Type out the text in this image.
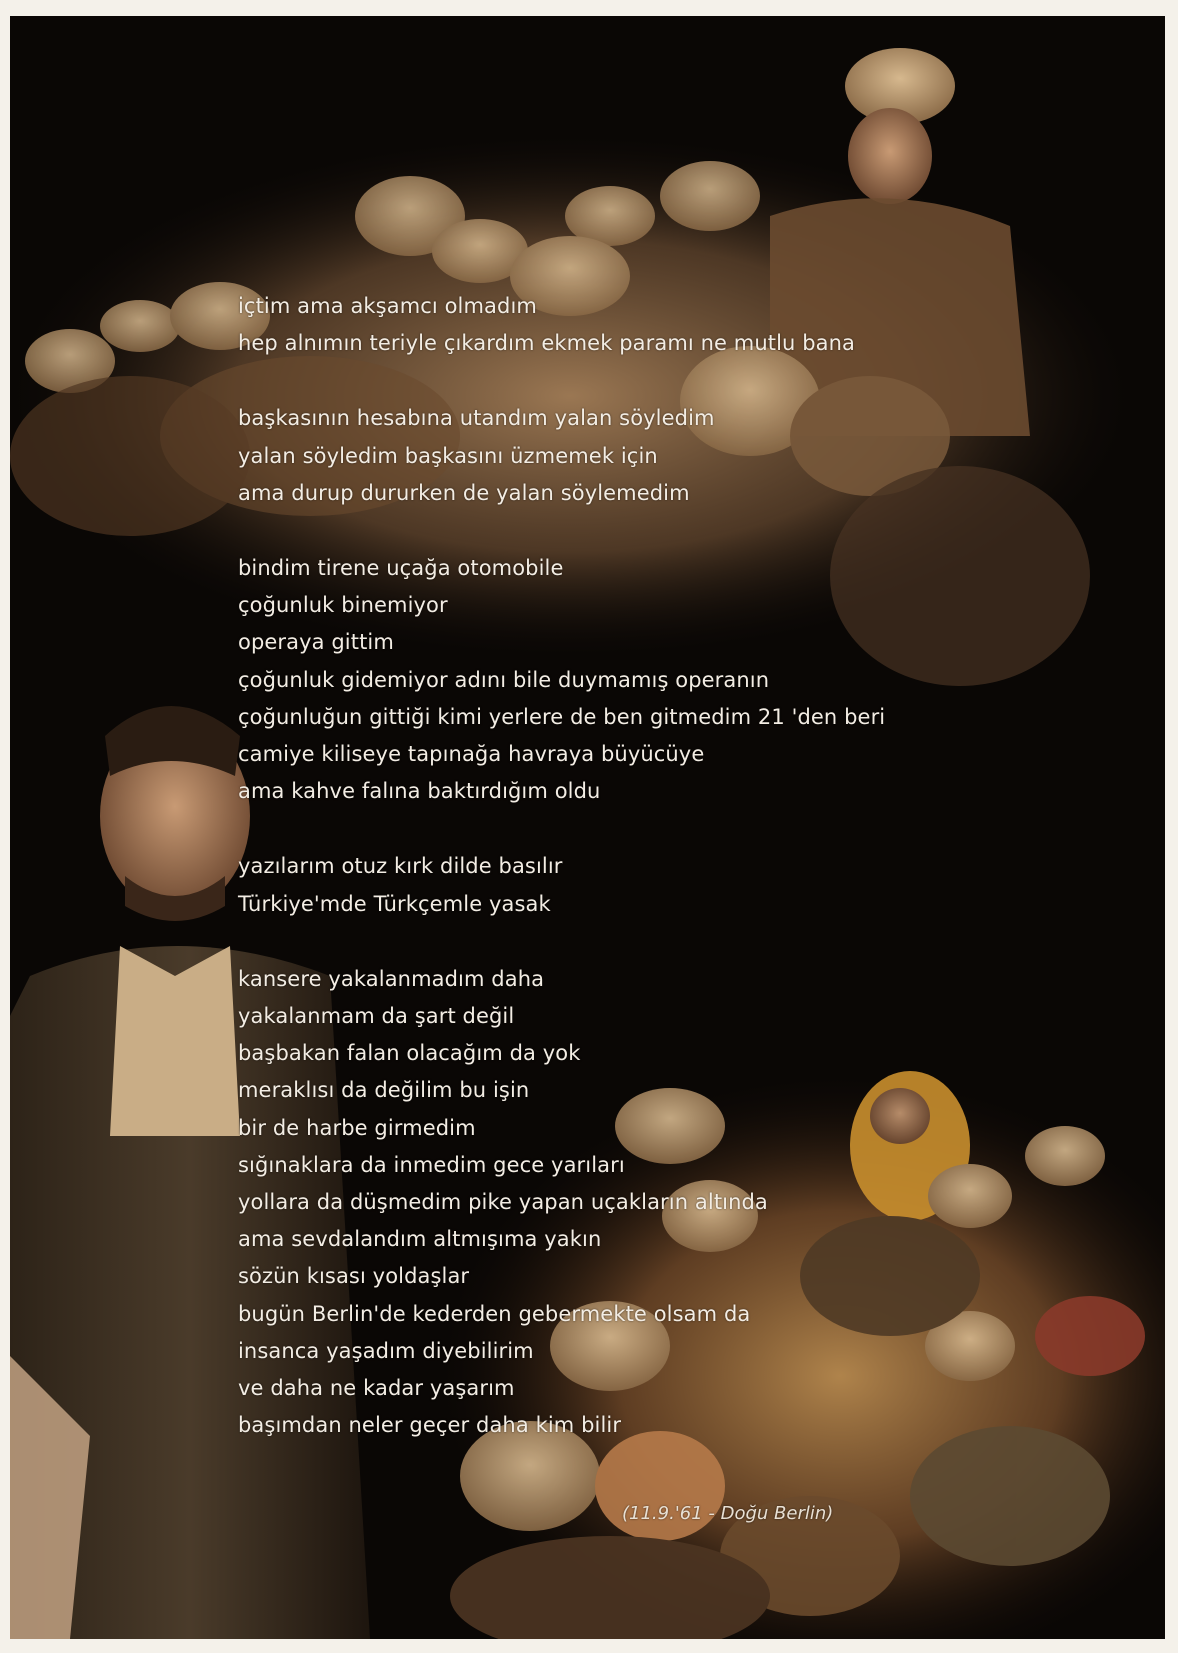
içtim ama akşamcı olmadım
hep alnımın teriyle çıkardım ekmek paramı ne mutlu bana
başkasının hesabına utandım yalan söyledim
yalan söyledim başkasını üzmemek için
ama durup dururken de yalan söylemedim
bindim tirene uçağa otomobile
çoğunluk binemiyor
operaya gittim
çoğunluk gidemiyor adını bile duymamış operanın
çoğunluğun gittiği kimi yerlere de ben gitmedim 21 'den beri
camiye kiliseye tapınağa havraya büyücüye
ama kahve falına baktırdığım oldu
yazılarım otuz kırk dilde basılır
Türkiye'mde Türkçemle yasak
kansere yakalanmadım daha
yakalanmam da şart değil
başbakan falan olacağım da yok
meraklısı da değilim bu işin
bir de harbe girmedim
sığınaklara da inmedim gece yarıları
yollara da düşmedim pike yapan uçakların altında
ama sevdalandım altmışıma yakın
sözün kısası yoldaşlar
bugün Berlin'de kederden gebermekte olsam da
insanca yaşadım diyebilirim
ve daha ne kadar yaşarım
başımdan neler geçer daha kim bilir
(11.9.'61 - Doğu Berlin)
